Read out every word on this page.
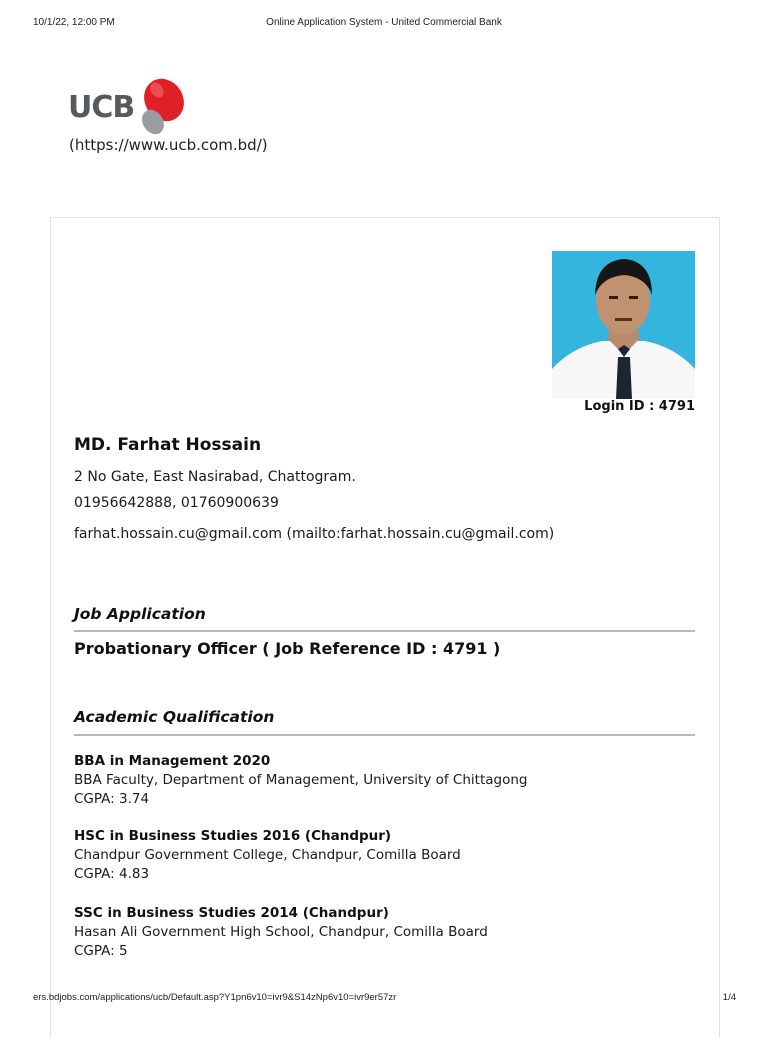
10/1/22, 12:00 PM	Online Application System - United Commercial Bank
UCB
(https://www.ucb.com.bd/)
Login ID : 4791
MD. Farhat Hossain
2 No Gate, East Nasirabad, Chattogram.
01956642888, 01760900639
farhat.hossain.cu@gmail.com (mailto:farhat.hossain.cu@gmail.com)
Job Application
Probationary Officer ( Job Reference ID : 4791 )
Academic Qualification
BBA in Management 2020
BBA Faculty, Department of Management, University of Chittagong
CGPA: 3.74
HSC in Business Studies 2016 (Chandpur)
Chandpur Government College, Chandpur, Comilla Board
CGPA: 4.83
SSC in Business Studies 2014 (Chandpur)
Hasan Ali Government High School, Chandpur, Comilla Board
CGPA: 5
ers.bdjobs.com/applications/ucb/Default.asp?Y1pn6v10=ivr9&S14zNp6v10=ivr9er57zr	1/4
